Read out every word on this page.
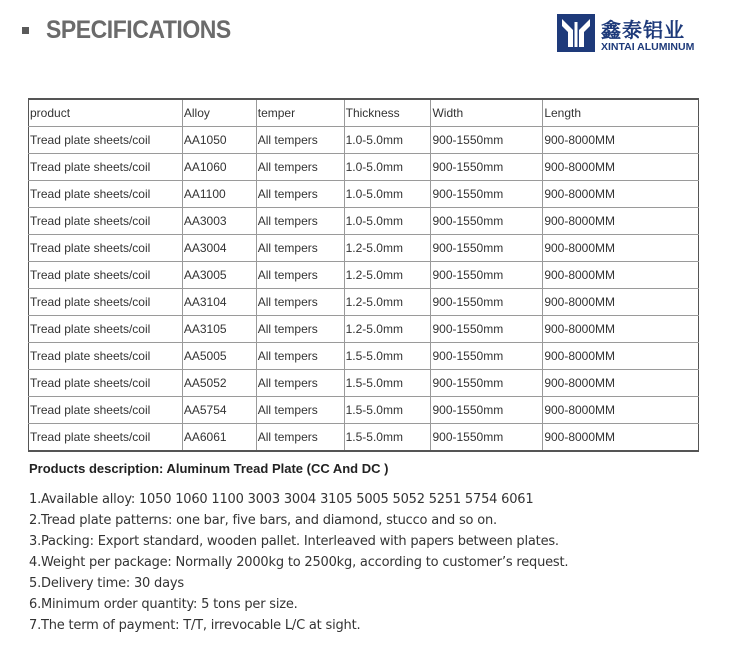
SPECIFICATIONS	鑫泰铝业
XINTAI ALUMINUM
product	Alloy	temper	Thickness	Width	Length
Tread plate sheets/coil	AA1050	All tempers	1.0-5.0mm	900-1550mm	900-8000MM
Tread plate sheets/coil	AA1060	All tempers	1.0-5.0mm	900-1550mm	900-8000MM
Tread plate sheets/coil	AA1100	All tempers	1.0-5.0mm	900-1550mm	900-8000MM
Tread plate sheets/coil	AA3003	All tempers	1.0-5.0mm	900-1550mm	900-8000MM
Tread plate sheets/coil	AA3004	All tempers	1.2-5.0mm	900-1550mm	900-8000MM
Tread plate sheets/coil	AA3005	All tempers	1.2-5.0mm	900-1550mm	900-8000MM
Tread plate sheets/coil	AA3104	All tempers	1.2-5.0mm	900-1550mm	900-8000MM
Tread plate sheets/coil	AA3105	All tempers	1.2-5.0mm	900-1550mm	900-8000MM
Tread plate sheets/coil	AA5005	All tempers	1.5-5.0mm	900-1550mm	900-8000MM
Tread plate sheets/coil	AA5052	All tempers	1.5-5.0mm	900-1550mm	900-8000MM
Tread plate sheets/coil	AA5754	All tempers	1.5-5.0mm	900-1550mm	900-8000MM
Tread plate sheets/coil	AA6061	All tempers	1.5-5.0mm	900-1550mm	900-8000MM
Products description: Aluminum Tread Plate (CC And DC )
1.Available alloy: 1050 1060 1100 3003 3004 3105 5005 5052 5251 5754 6061
2.Tread plate patterns: one bar, five bars, and diamond, stucco and so on.
3.Packing: Export standard, wooden pallet. Interleaved with papers between plates.
4.Weight per package: Normally 2000kg to 2500kg, according to customer’s request.
5.Delivery time: 30 days
6.Minimum order quantity: 5 tons per size.
7.The term of payment: T/T, irrevocable L/C at sight.
